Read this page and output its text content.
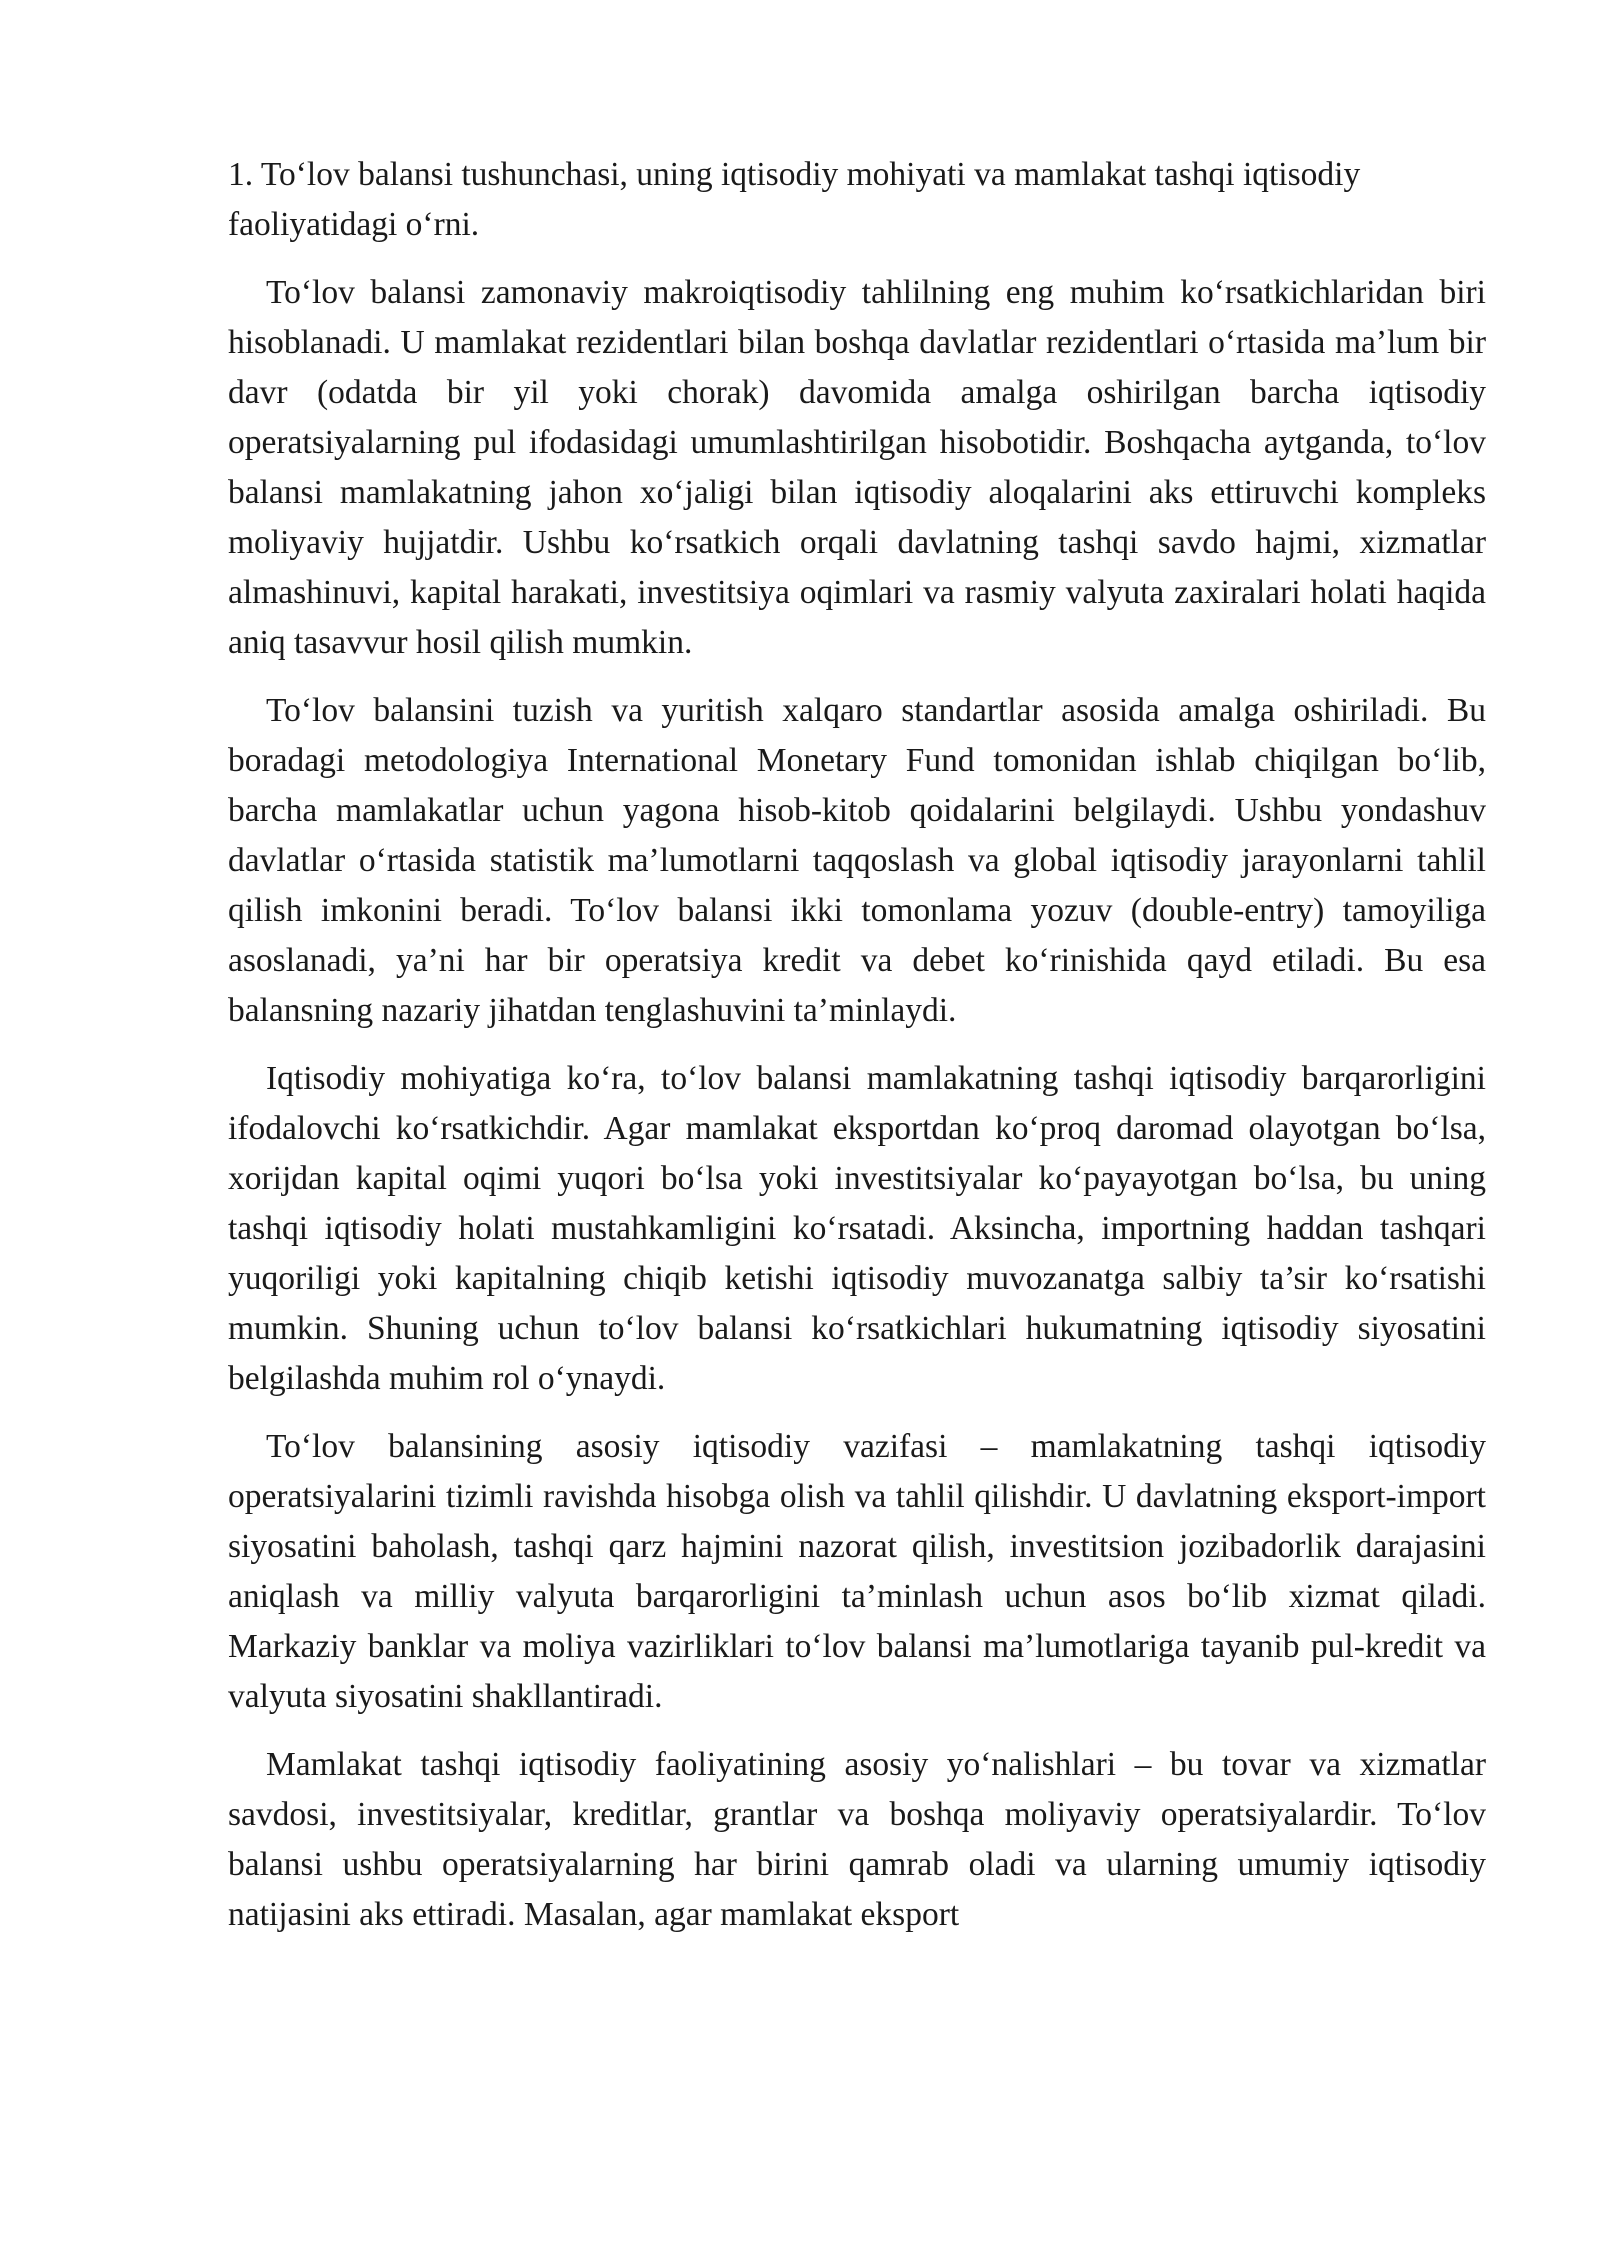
1. To‘lov balansi tushunchasi, uning iqtisodiy mohiyati va mamlakat tashqi iqtisodiy faoliyatidagi o‘rni.

To‘lov balansi zamonaviy makroiqtisodiy tahlilning eng muhim ko‘rsatkichlaridan biri hisoblanadi. U mamlakat rezidentlari bilan boshqa davlatlar rezidentlari o‘rtasida ma’lum bir davr (odatda bir yil yoki chorak) davomida amalga oshirilgan barcha iqtisodiy operatsiyalarning pul ifodasidagi umumlashtirilgan hisobotidir. Boshqacha aytganda, to‘lov balansi mamlakatning jahon xo‘jaligi bilan iqtisodiy aloqalarini aks ettiruvchi kompleks moliyaviy hujjatdir. Ushbu ko‘rsatkich orqali davlatning tashqi savdo hajmi, xizmatlar almashinuvi, kapital harakati, investitsiya oqimlari va rasmiy valyuta zaxiralari holati haqida aniq tasavvur hosil qilish mumkin.

To‘lov balansini tuzish va yuritish xalqaro standartlar asosida amalga oshiriladi. Bu boradagi metodologiya International Monetary Fund tomonidan ishlab chiqilgan bo‘lib, barcha mamlakatlar uchun yagona hisob-kitob qoidalarini belgilaydi. Ushbu yondashuv davlatlar o‘rtasida statistik ma’lumotlarni taqqoslash va global iqtisodiy jarayonlarni tahlil qilish imkonini beradi. To‘lov balansi ikki tomonlama yozuv (double-entry) tamoyiliga asoslanadi, ya’ni har bir operatsiya kredit va debet ko‘rinishida qayd etiladi. Bu esa balansning nazariy jihatdan tenglashuvini ta’minlaydi.

Iqtisodiy mohiyatiga ko‘ra, to‘lov balansi mamlakatning tashqi iqtisodiy barqarorligini ifodalovchi ko‘rsatkichdir. Agar mamlakat eksportdan ko‘proq daromad olayotgan bo‘lsa, xorijdan kapital oqimi yuqori bo‘lsa yoki investitsiyalar ko‘payayotgan bo‘lsa, bu uning tashqi iqtisodiy holati mustahkamligini ko‘rsatadi. Aksincha, importning haddan tashqari yuqoriligi yoki kapitalning chiqib ketishi iqtisodiy muvozanatga salbiy ta’sir ko‘rsatishi mumkin. Shuning uchun to‘lov balansi ko‘rsatkichlari hukumatning iqtisodiy siyosatini belgilashda muhim rol o‘ynaydi.

To‘lov balansining asosiy iqtisodiy vazifasi – mamlakatning tashqi iqtisodiy operatsiyalarini tizimli ravishda hisobga olish va tahlil qilishdir. U davlatning eksport-import siyosatini baholash, tashqi qarz hajmini nazorat qilish, investitsion jozibadorlik darajasini aniqlash va milliy valyuta barqarorligini ta’minlash uchun asos bo‘lib xizmat qiladi. Markaziy banklar va moliya vazirliklari to‘lov balansi ma’lumotlariga tayanib pul-kredit va valyuta siyosatini shakllantiradi.

Mamlakat tashqi iqtisodiy faoliyatining asosiy yo‘nalishlari – bu tovar va xizmatlar savdosi, investitsiyalar, kreditlar, grantlar va boshqa moliyaviy operatsiyalardir. To‘lov balansi ushbu operatsiyalarning har birini qamrab oladi va ularning umumiy iqtisodiy natijasini aks ettiradi. Masalan, agar mamlakat eksport
